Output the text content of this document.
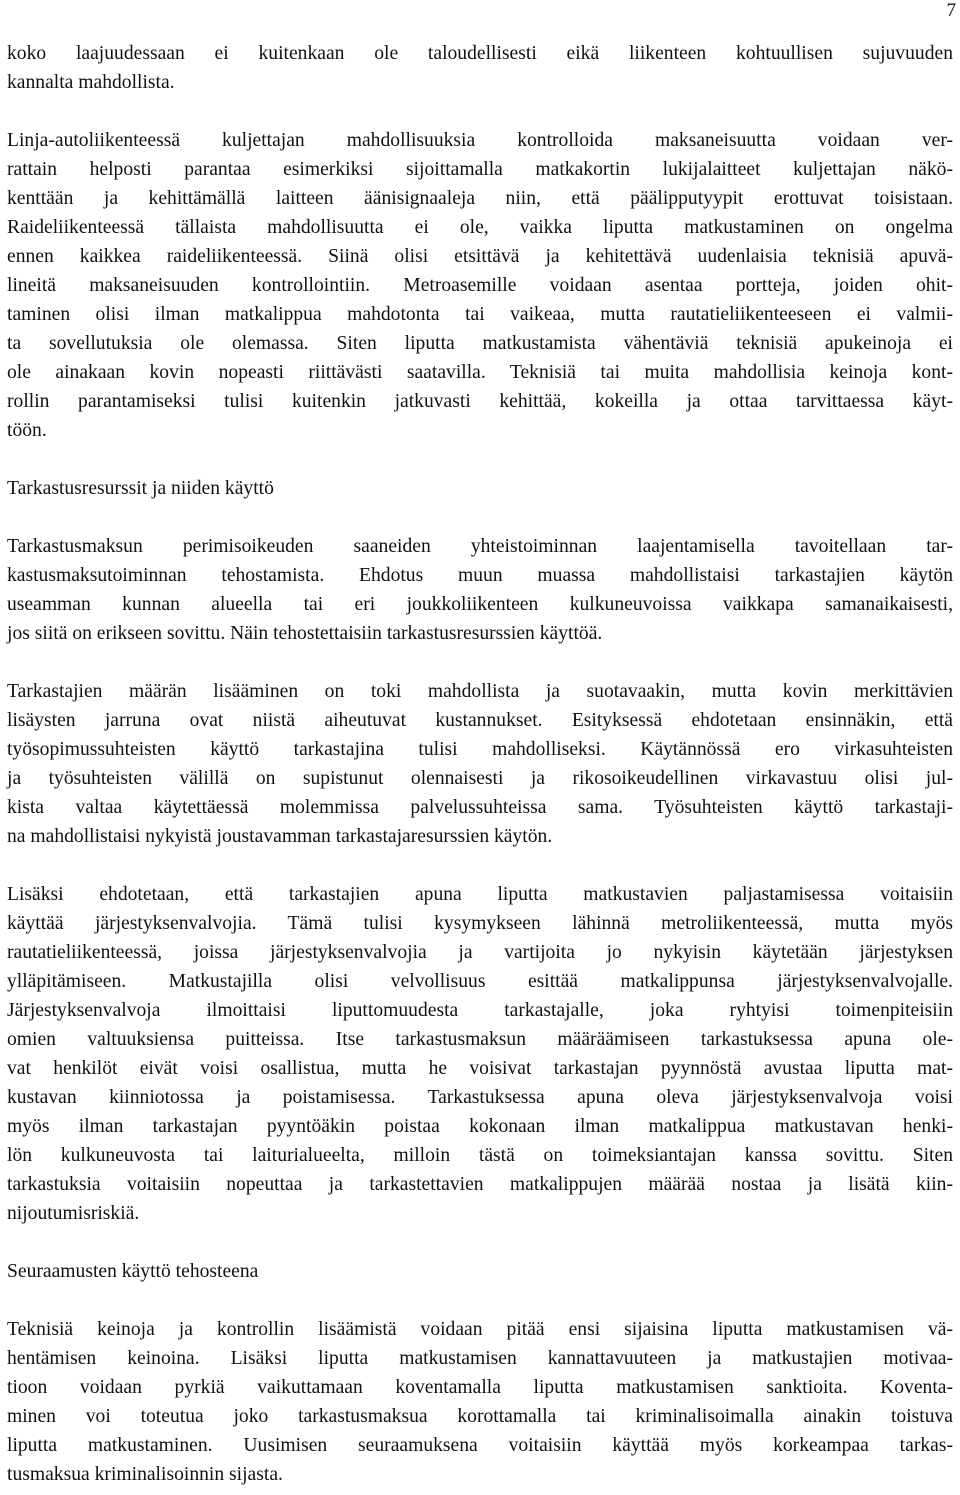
7
koko laajuudessaan ei kuitenkaan ole taloudellisesti eikä liikenteen kohtuullisen sujuvuuden
kannalta mahdollista.
Linja-autoliikenteessä kuljettajan mahdollisuuksia kontrolloida maksaneisuutta voidaan ver-
rattain helposti parantaa esimerkiksi sijoittamalla matkakortin lukijalaitteet kuljettajan näkö-
kenttään ja kehittämällä laitteen äänisignaaleja niin, että päälipputyypit erottuvat toisistaan.
Raideliikenteessä tällaista mahdollisuutta ei ole, vaikka liputta matkustaminen on ongelma
ennen kaikkea raideliikenteessä. Siinä olisi etsittävä ja kehitettävä uudenlaisia teknisiä apuvä-
lineitä maksaneisuuden kontrollointiin. Metroasemille voidaan asentaa portteja, joiden ohit-
taminen olisi ilman matkalippua mahdotonta tai vaikeaa, mutta rautatieliikenteeseen ei valmii-
ta sovellutuksia ole olemassa. Siten liputta matkustamista vähentäviä teknisiä apukeinoja ei
ole ainakaan kovin nopeasti riittävästi saatavilla. Teknisiä tai muita mahdollisia keinoja kont-
rollin parantamiseksi tulisi kuitenkin jatkuvasti kehittää, kokeilla ja ottaa tarvittaessa käyt-
töön.
Tarkastusresurssit ja niiden käyttö
Tarkastusmaksun perimisoikeuden saaneiden yhteistoiminnan laajentamisella tavoitellaan tar-
kastusmaksutoiminnan tehostamista. Ehdotus muun muassa mahdollistaisi tarkastajien käytön
useamman kunnan alueella tai eri joukkoliikenteen kulkuneuvoissa vaikkapa samanaikaisesti,
jos siitä on erikseen sovittu. Näin tehostettaisiin tarkastusresurssien käyttöä.
Tarkastajien määrän lisääminen on toki mahdollista ja suotavaakin, mutta kovin merkittävien
lisäysten jarruna ovat niistä aiheutuvat kustannukset. Esityksessä ehdotetaan ensinnäkin, että
työsopimussuhteisten käyttö tarkastajina tulisi mahdolliseksi. Käytännössä ero virkasuhteisten
ja työsuhteisten välillä on supistunut olennaisesti ja rikosoikeudellinen virkavastuu olisi jul-
kista valtaa käytettäessä molemmissa palvelussuhteissa sama. Työsuhteisten käyttö tarkastaji-
na mahdollistaisi nykyistä joustavamman tarkastajaresurssien käytön.
Lisäksi ehdotetaan, että tarkastajien apuna liputta matkustavien paljastamisessa voitaisiin
käyttää järjestyksenvalvojia. Tämä tulisi kysymykseen lähinnä metroliikenteessä, mutta myös
rautatieliikenteessä, joissa järjestyksenvalvojia ja vartijoita jo nykyisin käytetään järjestyksen
ylläpitämiseen. Matkustajilla olisi velvollisuus esittää matkalippunsa järjestyksenvalvojalle.
Järjestyksenvalvoja ilmoittaisi liputtomuudesta tarkastajalle, joka ryhtyisi toimenpiteisiin
omien valtuuksiensa puitteissa. Itse tarkastusmaksun määräämiseen tarkastuksessa apuna ole-
vat henkilöt eivät voisi osallistua, mutta he voisivat tarkastajan pyynnöstä avustaa liputta mat-
kustavan kiinniotossa ja poistamisessa. Tarkastuksessa apuna oleva järjestyksenvalvoja voisi
myös ilman tarkastajan pyyntöäkin poistaa kokonaan ilman matkalippua matkustavan henki-
lön kulkuneuvosta tai laiturialueelta, milloin tästä on toimeksiantajan kanssa sovittu. Siten
tarkastuksia voitaisiin nopeuttaa ja tarkastettavien matkalippujen määrää nostaa ja lisätä kiin-
nijoutumisriskiä.
Seuraamusten käyttö tehosteena
Teknisiä keinoja ja kontrollin lisäämistä voidaan pitää ensi sijaisina liputta matkustamisen vä-
hentämisen keinoina. Lisäksi liputta matkustamisen kannattavuuteen ja matkustajien motivaa-
tioon voidaan pyrkiä vaikuttamaan koventamalla liputta matkustamisen sanktioita. Koventa-
minen voi toteutua joko tarkastusmaksua korottamalla tai kriminalisoimalla ainakin toistuva
liputta matkustaminen. Uusimisen seuraamuksena voitaisiin käyttää myös korkeampaa tarkas-
tusmaksua kriminalisoinnin sijasta.
